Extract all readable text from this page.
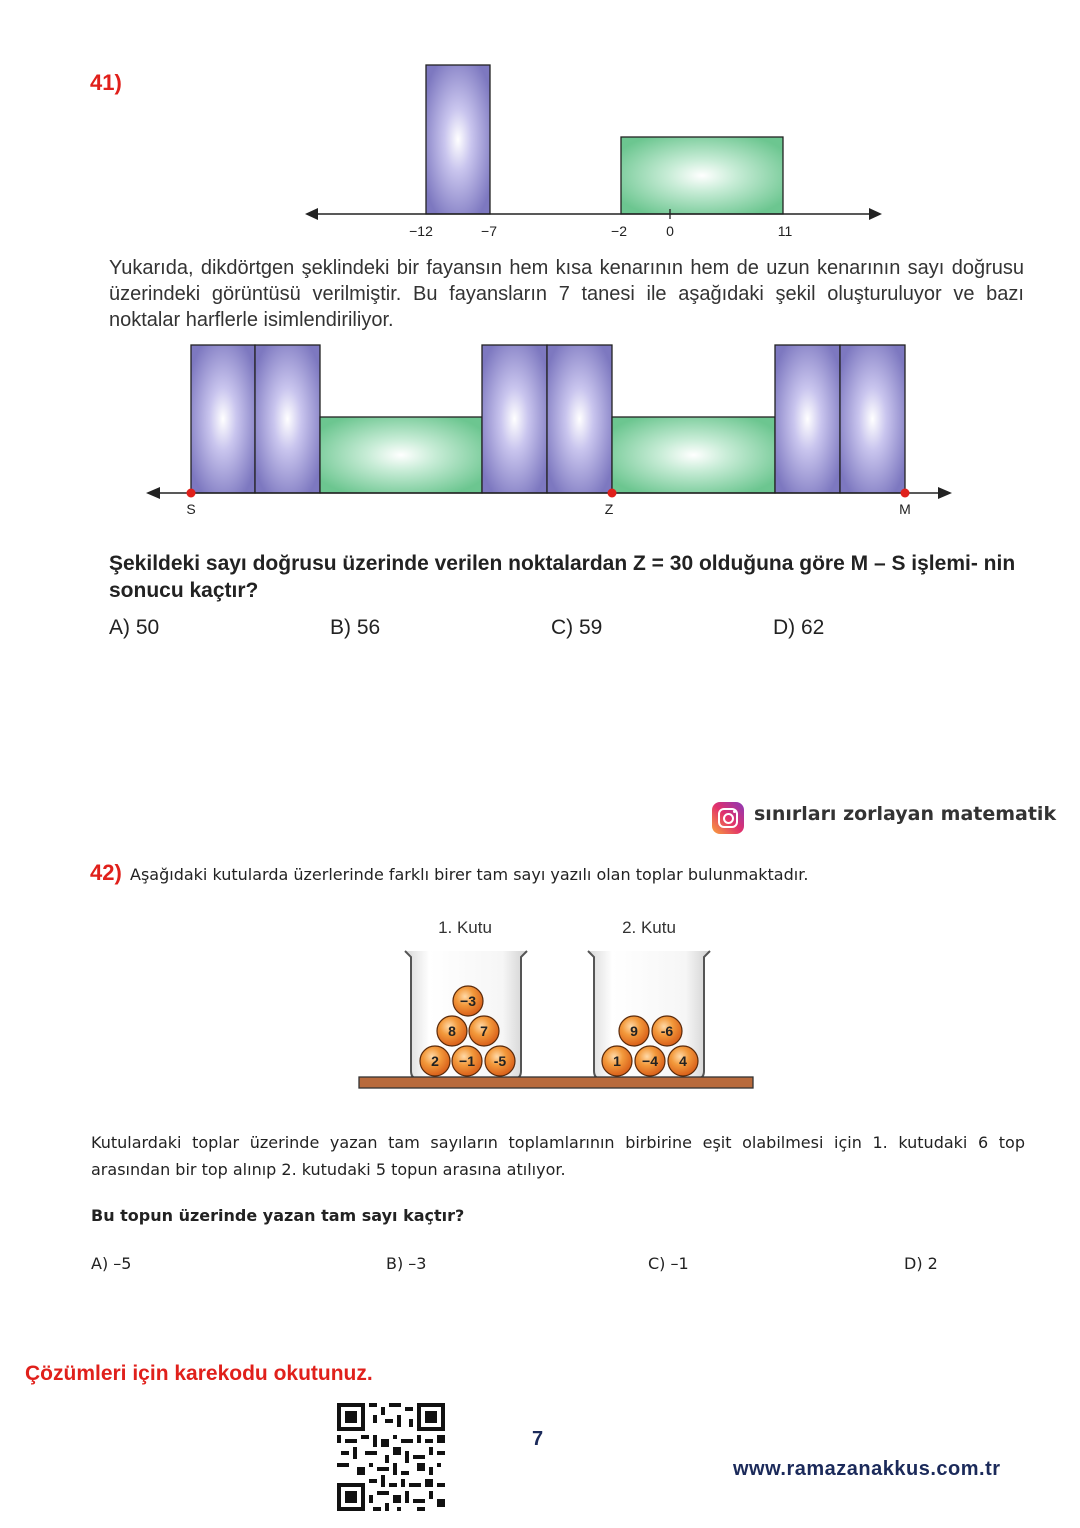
41)
−12	−7	−2	0	11
Yukarıda, dikdörtgen şeklindeki bir fayansın hem kısa kenarının hem de uzun kenarının sayı doğrusu üzerindeki görüntüsü verilmiştir. Bu fayansların 7 tanesi ile aşağıdaki şekil oluşturuluyor ve bazı noktalar harflerle isimlendiriliyor.
S	Z	M
Şekildeki sayı doğrusu üzerinde verilen noktalardan Z = 30 olduğuna göre M – S işlemi- nin sonucu kaçtır?
A) 50	B) 56	C) 59	D) 62
sınırları zorlayan matematik
42) Aşağıdaki kutularda üzerlerinde farklı birer tam sayı yazılı olan toplar bulunmaktadır.
1. Kutu	2. Kutu
−3
8 7
2 −1 -5
9 -6
1 −4 4
Kutulardaki toplar üzerinde yazan tam sayıların toplamlarının birbirine eşit olabilmesi için 1. kutudaki 6 top arasından bir top alınıp 2. kutudaki 5 topun arasına atılıyor.
Bu topun üzerinde yazan tam sayı kaçtır?
A) –5	B) –3	C) –1	D) 2
Çözümleri için karekodu okutunuz.
7
www.ramazanakkus.com.tr
